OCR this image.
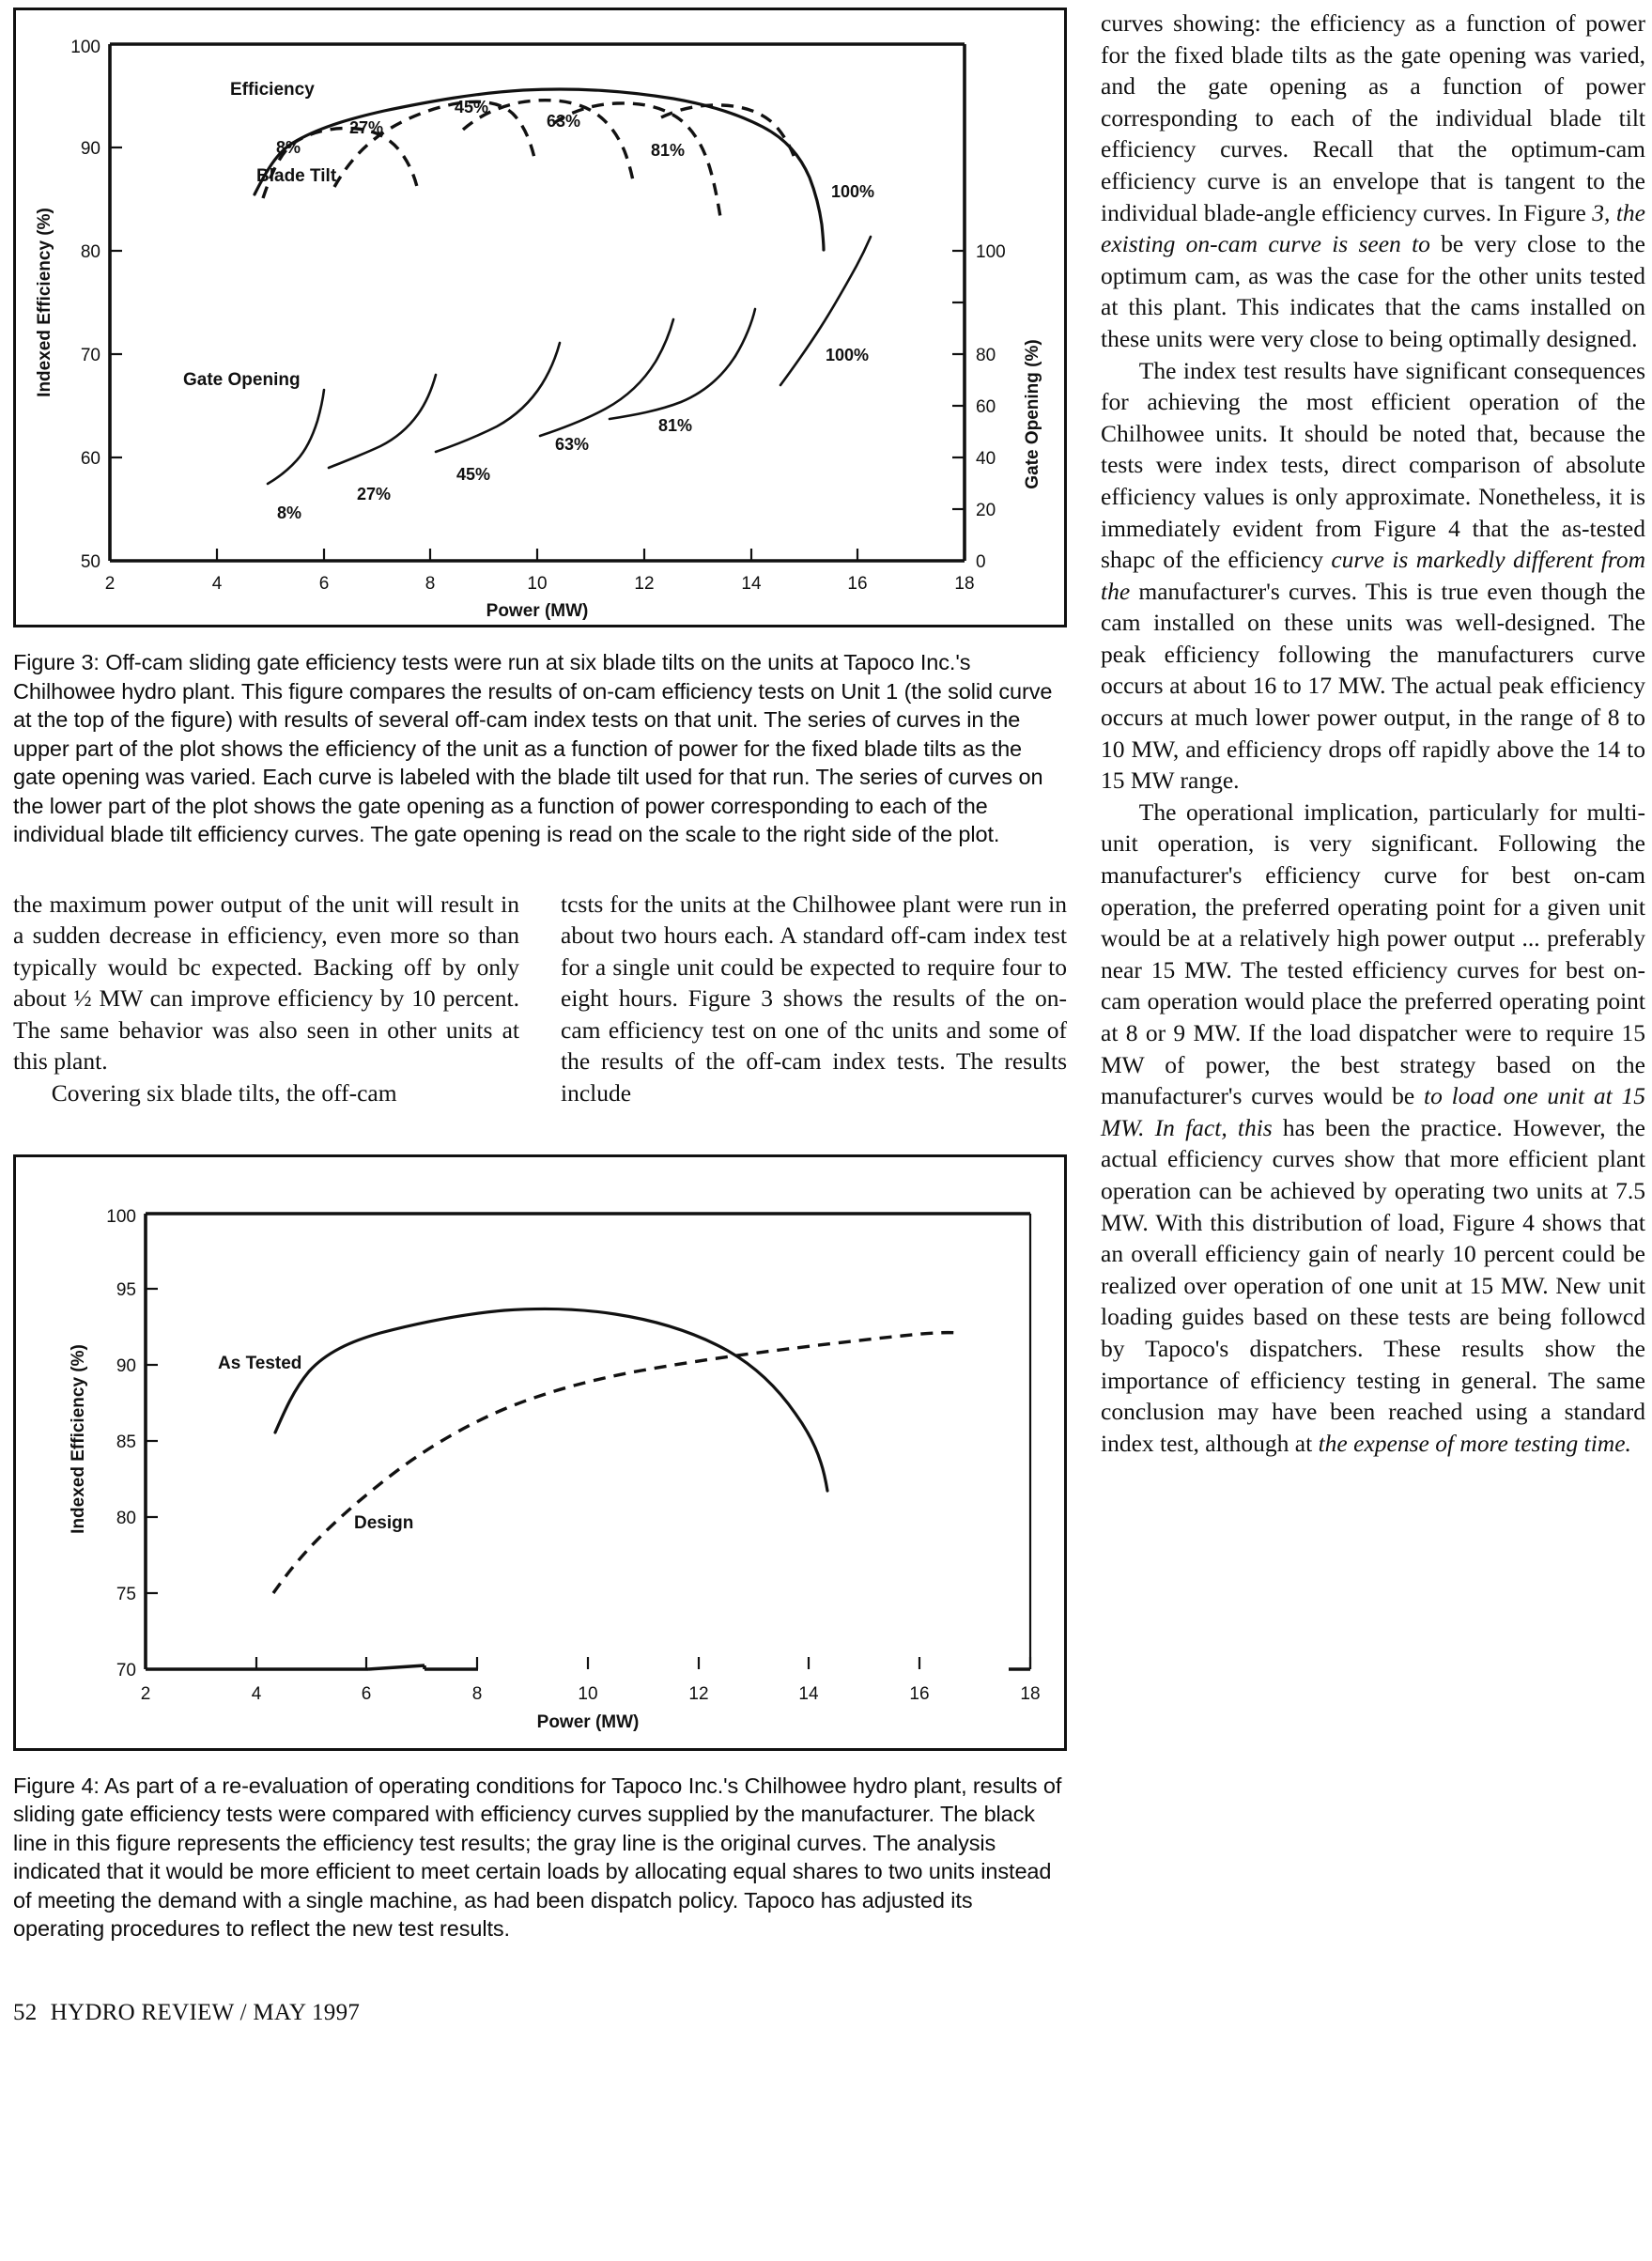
50
60
70
80
90
100
Indexed Efficiency (%)
0
20
40
60
80
100
Gate Opening (%)
2	4	6	8	10	12	14	16	18
Power (MW)
Efficiency
Blade Tilt
8%
27%
45%
63%
81%
100%
Gate Opening
8%
27%
45%
63%
81%
100%
Figure 3: Off-cam sliding gate efficiency tests were run at six blade tilts on the units at Tapoco Inc.'s Chilhowee hydro plant. This figure compares the results of on-cam efficiency tests on Unit 1 (the solid curve at the top of the figure) with results of several off-cam index tests on that unit. The series of curves in the upper part of the plot shows the efficiency of the unit as a function of power for the fixed blade tilts as the gate opening was varied. Each curve is labeled with the blade tilt used for that run. The series of curves on the lower part of the plot shows the gate opening as a function of power corresponding to each of the individual blade tilt efficiency curves. The gate opening is read on the scale to the right side of the plot.

the maximum power output of the unit will result in a sudden decrease in efficiency, even more so than typically would bc expected. Backing off by only about ½ MW can improve efficiency by 10 percent. The same behavior was also seen in other units at this plant.

Covering six blade tilts, the off-cam

tcsts for the units at the Chilhowee plant were run in about two hours each. A standard off-cam index test for a single unit could be expected to require four to eight hours. Figure 3 shows the results of the on-cam efficiency test on one of thc units and some of the results of the off-cam index tests. The results include

70
75
80
85
90
95
100
Indexed Efficiency (%)
2	4	6	8	10	12	14	16	18
Power (MW)
As Tested
Design
Figure 4: As part of a re-evaluation of operating conditions for Tapoco Inc.'s Chilhowee hydro plant, results of sliding gate efficiency tests were compared with efficiency curves supplied by the manufacturer. The black line in this figure represents the efficiency test results; the gray line is the original curves. The analysis indicated that it would be more efficient to meet certain loads by allocating equal shares to two units instead of meeting the demand with a single machine, as had been dispatch policy. Tapoco has adjusted its operating procedures to reflect the new test results.
52 HYDRO REVIEW / MAY 1997

curves showing: the efficiency as a function of power for the fixed blade tilts as the gate opening was varied, and the gate opening as a function of power corresponding to each of the individual blade tilt efficiency curves. Recall that the optimum-cam efficiency curve is an envelope that is tangent to the individual blade-angle efficiency curves. In Figure 3, the existing on-cam curve is seen to be very close to the optimum cam, as was the case for the other units tested at this plant. This indicates that the cams installed on these units were very close to being optimally designed.

The index test results have significant consequences for achieving the most efficient operation of the Chilhowee units. It should be noted that, because the tests were index tests, direct comparison of absolute efficiency values is only approximate. Nonetheless, it is immediately evident from Figure 4 that the as-tested shapc of the efficiency curve is markedly different from the manufacturer's curves. This is true even though the cam installed on these units was well-designed. The peak efficiency following the manufacturers curve occurs at about 16 to 17 MW. The actual peak efficiency occurs at much lower power output, in the range of 8 to 10 MW, and efficiency drops off rapidly above the 14 to 15 MW range.

The operational implication, particularly for multi-unit operation, is very significant. Following the manufacturer's efficiency curve for best on-cam operation, the preferred operating point for a given unit would be at a relatively high power output ... preferably near 15 MW. The tested efficiency curves for best on-cam operation would place the preferred operating point at 8 or 9 MW. If the load dispatcher were to require 15 MW of power, the best strategy based on the manufacturer's curves would be to load one unit at 15 MW. In fact, this has been the practice. However, the actual efficiency curves show that more efficient plant operation can be achieved by operating two units at 7.5 MW. With this distribution of load, Figure 4 shows that an overall efficiency gain of nearly 10 percent could be realized over operation of one unit at 15 MW. New unit loading guides based on these tests are being followcd by Tapoco's dispatchers. These results show the importance of efficiency testing in general. The same conclusion may have been reached using a standard index test, although at the expense of more testing time.
